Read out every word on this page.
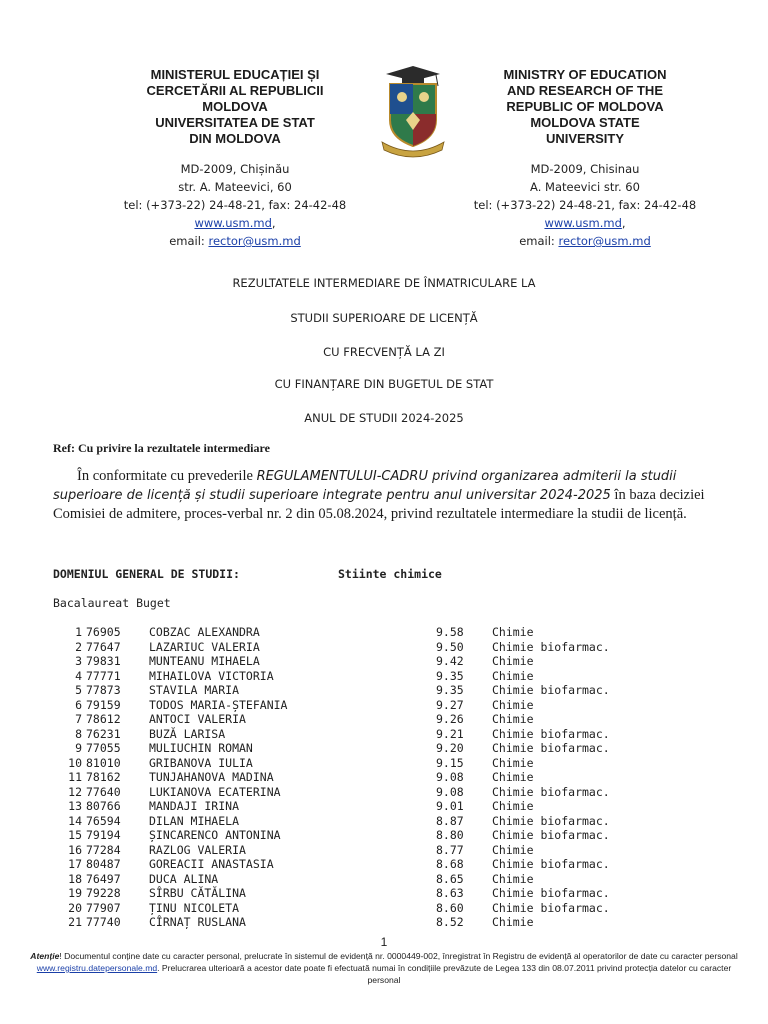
MINISTERUL EDUCAȚIEI ȘI

CERCETĂRII AL REPUBLICII

MOLDOVA

UNIVERSITATEA DE STAT

DIN MOLDOVA

MINISTRY OF EDUCATION

AND RESEARCH OF THE

REPUBLIC OF MOLDOVA

MOLDOVA STATE

UNIVERSITY

MD-2009, Chișinău
str. A. Mateevici, 60
tel: (+373-22) 24-48-21, fax: 24-42-48
www.usm.md,
email: rector@usm.md
MD-2009, Chisinau
A. Mateevici str. 60
tel: (+373-22) 24-48-21, fax: 24-42-48
www.usm.md,
email: rector@usm.md
REZULTATELE INTERMEDIARE DE ÎNMATRICULARE LA
STUDII SUPERIOARE DE LICENȚĂ
CU FRECVENȚĂ LA ZI
CU FINANȚARE DIN BUGETUL DE STAT
ANUL DE STUDII 2024-2025
Ref: Cu privire la rezultatele intermediare
În conformitate cu prevederile REGULAMENTULUI-CADRU privind organizarea admiterii la studii superioare de licență și studii superioare integrate pentru anul universitar 2024-2025 în baza deciziei Comisiei de admitere, proces-verbal nr. 2 din 05.08.2024, privind rezultatele intermediare la studii de licență.
DOMENIUL GENERAL DE STUDII:	Stiinte chimice
Bacalaureat Buget
1 76905 COBZAC ALEXANDRA	9.58 Chimie
2 77647 LAZARIUC VALERIA	9.50 Chimie biofarmac.
3 79831 MUNTEANU MIHAELA	9.42 Chimie
4 77771 MIHAILOVA VICTORIA	9.35 Chimie
5 77873 STAVILA MARIA	9.35 Chimie biofarmac.
6 79159 TODOS MARIA-ȘTEFANIA	9.27 Chimie
7 78612 ANTOCI VALERIA	9.26 Chimie
8 76231 BUZĂ LARISA	9.21 Chimie biofarmac.
9 77055 MULIUCHIN ROMAN	9.20 Chimie biofarmac.
10 81010 GRIBANOVA IULIA	9.15 Chimie
11 78162 TUNJAHANOVA MADINA	9.08 Chimie
12 77640 LUKIANOVA ECATERINA	9.08 Chimie biofarmac.
13 80766 MANDAJI IRINA	9.01 Chimie
14 76594 DILAN MIHAELA	8.87 Chimie biofarmac.
15 79194 ȘINCARENCO ANTONINA	8.80 Chimie biofarmac.
16 77284 RAZLOG VALERIA	8.77 Chimie
17 80487 GOREACII ANASTASIA	8.68 Chimie biofarmac.
18 76497 DUCA ALINA	8.65 Chimie
19 79228 SÎRBU CĂTĂLINA	8.63 Chimie biofarmac.
20 77907 ȚINU NICOLETA	8.60 Chimie biofarmac.
21 77740 CÎRNAȚ RUSLANA	8.52 Chimie
1
Atenție! Documentul conține date cu caracter personal, prelucrate în sistemul de evidență nr. 0000449-002, înregistrat în Registru de evidență al operatorilor de date cu caracter personal www.registru.datepersonale.md. Prelucrarea ulterioară a acestor date poate fi efectuată numai în condițiile prevăzute de Legea 133 din 08.07.2011 privind protecția datelor cu caracter personal
